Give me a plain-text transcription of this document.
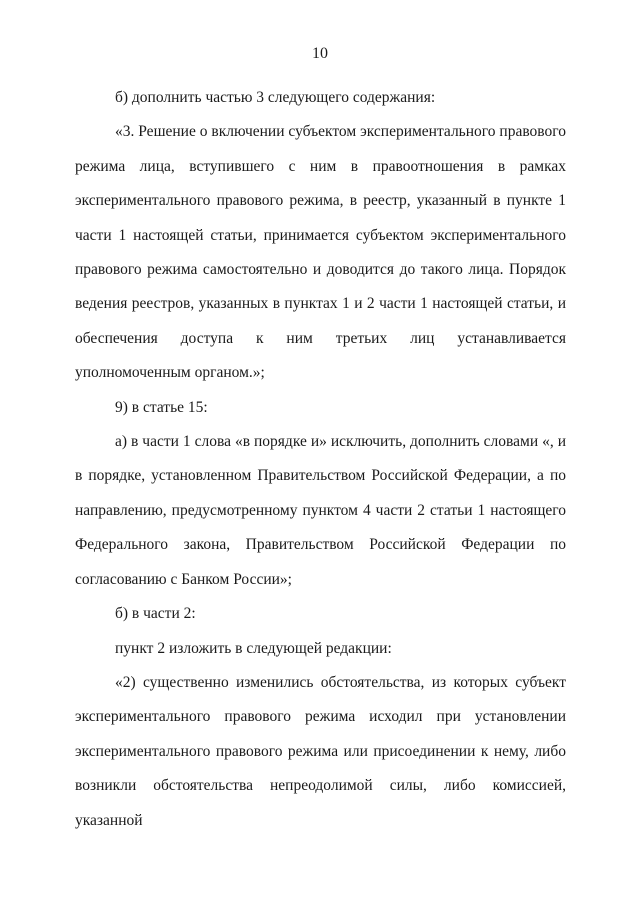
10

б) дополнить частью 3 следующего содержания:

«3. Решение о включении субъектом экспериментального правового режима лица, вступившего с ним в правоотношения в рамках экспериментального правового режима, в реестр, указанный в пункте 1 части 1 настоящей статьи, принимается субъектом экспериментального правового режима самостоятельно и доводится до такого лица. Порядок ведения реестров, указанных в пунктах 1 и 2 части 1 настоящей статьи, и обеспечения доступа к ним третьих лиц устанавливается уполномоченным органом.»;

9) в статье 15:

а) в части 1 слова «в порядке и» исключить, дополнить словами «, и в порядке, установленном Правительством Российской Федерации, а по направлению, предусмотренному пунктом 4 части 2 статьи 1 настоящего Федерального закона, Правительством Российской Федерации по согласованию с Банком России»;

б) в части 2:

пункт 2 изложить в следующей редакции:

«2) существенно изменились обстоятельства, из которых субъект экспериментального правового режима исходил при установлении экспериментального правового режима или присоединении к нему, либо возникли обстоятельства непреодолимой силы, либо комиссией, указанной
